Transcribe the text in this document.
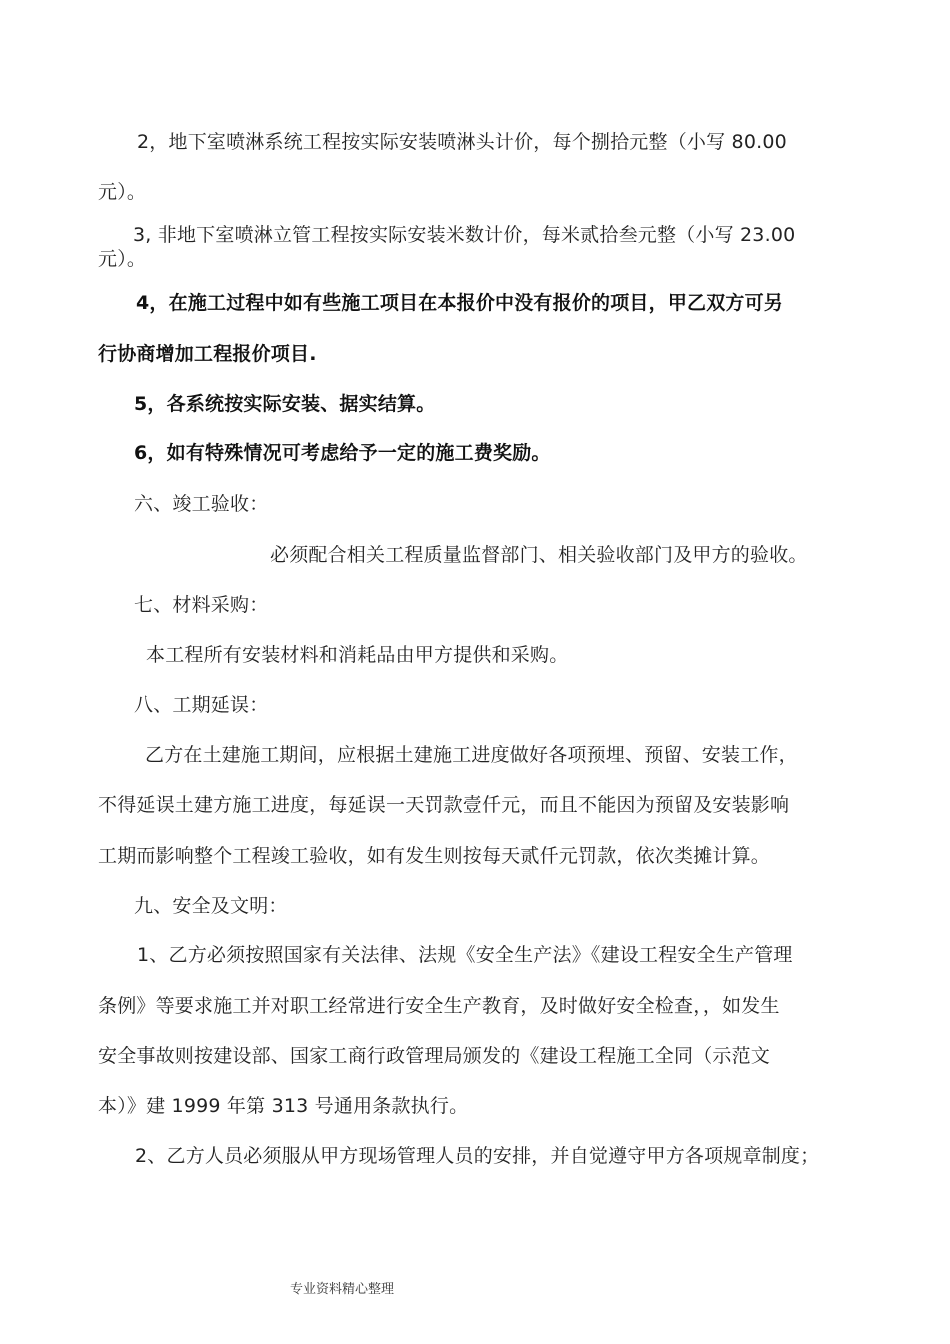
2，地下室喷淋系统工程按实际安装喷淋头计价，每个捌拾元整（小写 80.00
元）。
3, 非地下室喷淋立管工程按实际安装米数计价，每米贰拾叁元整（小写 23.00
元）。
4，在施工过程中如有些施工项目在本报价中没有报价的项目，甲乙双方可另
行协商增加工程报价项目.
5，各系统按实际安装、据实结算。
6，如有特殊情况可考虑给予一定的施工费奖励。
六、竣工验收：
必须配合相关工程质量监督部门、相关验收部门及甲方的验收。
七、材料采购：
本工程所有安装材料和消耗品由甲方提供和采购。
八、工期延误：
乙方在土建施工期间，应根据土建施工进度做好各项预埋、预留、安装工作，
不得延误土建方施工进度，每延误一天罚款壹仟元，而且不能因为预留及安装影响
工期而影响整个工程竣工验收，如有发生则按每天贰仟元罚款，依次类摊计算。
九、安全及文明：
1、乙方必须按照国家有关法律、法规《安全生产法》《建设工程安全生产管理
条例》等要求施工并对职工经常进行安全生产教育，及时做好安全检查，，如发生
安全事故则按建设部、国家工商行政管理局颁发的《建设工程施工全同（示范文
本）》建 1999 年第 313 号通用条款执行。
2、乙方人员必须服从甲方现场管理人员的安排，并自觉遵守甲方各项规章制度；
专业资料精心整理
